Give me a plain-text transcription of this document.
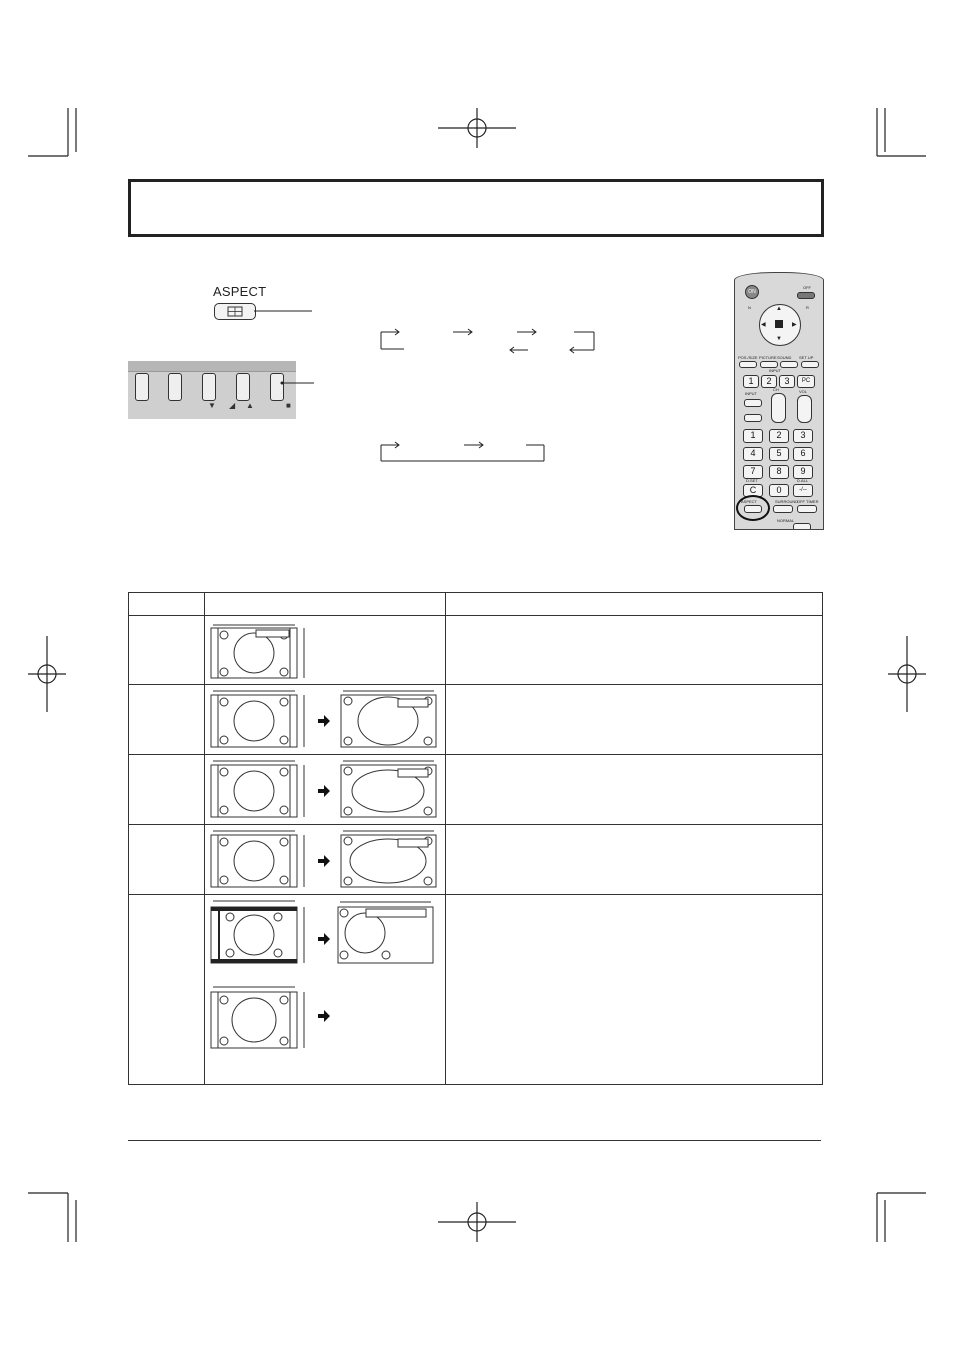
ASPECT
▼ ◢ ▲	■
ON
OFF
N	R
▲
▼
◀	▶
POS./SIZE PICTURE SOUND SET UP
INPUT
1	2	3	PC
CH
INPUT	VOL
1	2	3
4	5	6
7	8	9
D.SET	D.ALL
C	0	-/--
ASPECT	SURROUND
OFF TIMER
NORMAL
